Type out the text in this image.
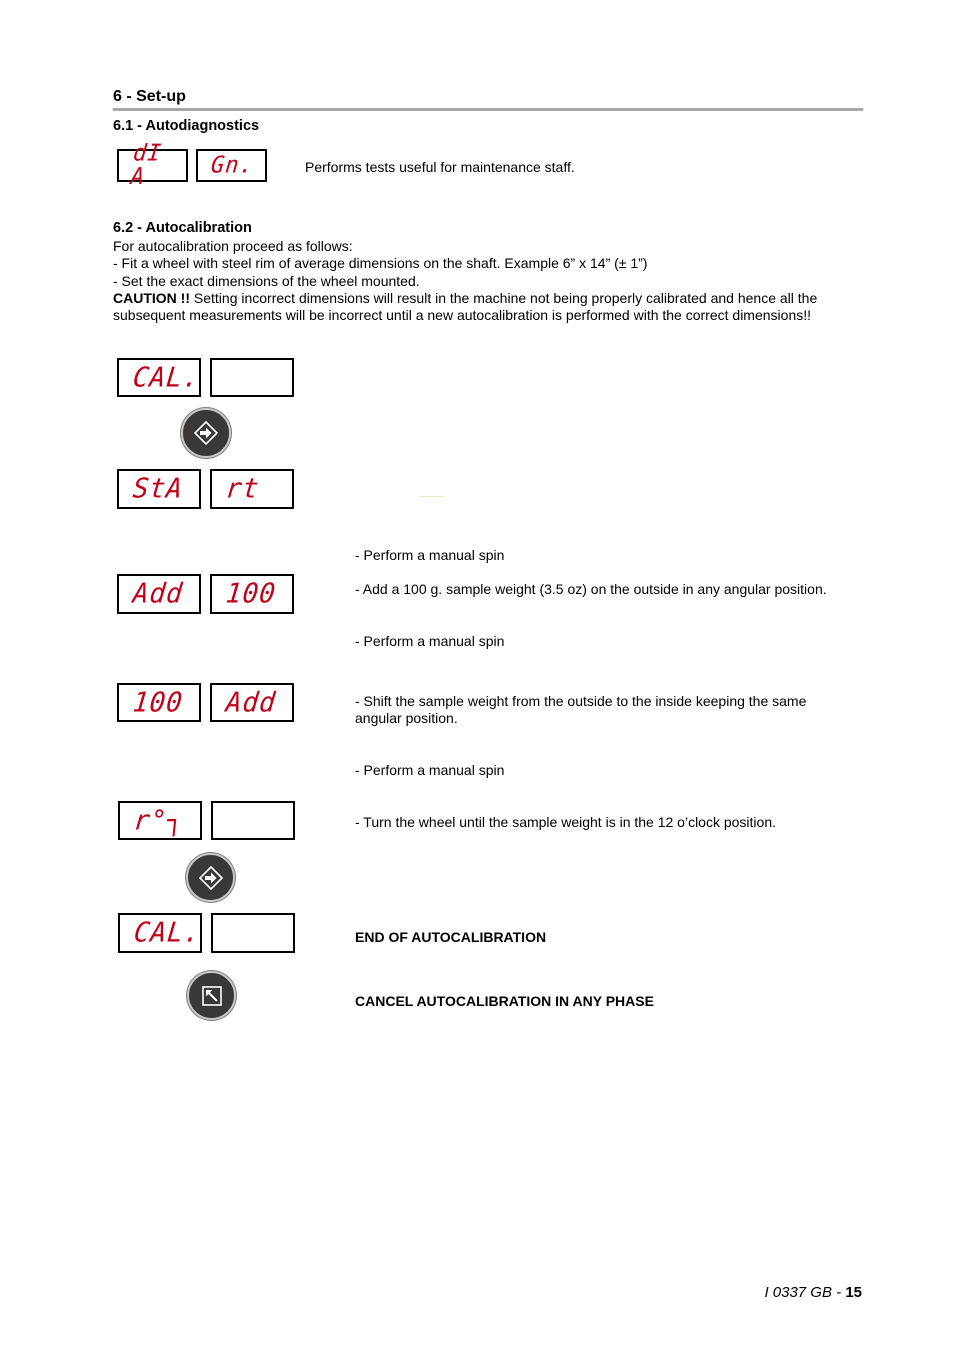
6 - Set-up
6.1 - Autodiagnostics
dI A	Gn.	Performs tests useful for maintenance staff.
6.2 - Autocalibration
For autocalibration proceed as follows:
- Fit a wheel with steel rim of average dimensions on the shaft. Example 6” x 14” (± 1”)
- Set the exact dimensions of the wheel mounted.
CAUTION !! Setting incorrect dimensions will result in the machine not being properly calibrated and hence all the subsequent measurements will be incorrect until a new autocalibration is performed with the correct dimensions!!
CAL.
StA rt
- Perform a manual spin
Add 100	- Add a 100 g. sample weight (3.5 oz) on the outside in any angular position.
- Perform a manual spin
100 Add	- Shift the sample weight from the outside to the inside keeping the same angular position.
- Perform a manual spin
r°┐	- Turn the wheel until the sample weight is in the 12 o’clock position.
CAL.	END OF AUTOCALIBRATION
CANCEL AUTOCALIBRATION IN ANY PHASE
I 0337 GB - 15
